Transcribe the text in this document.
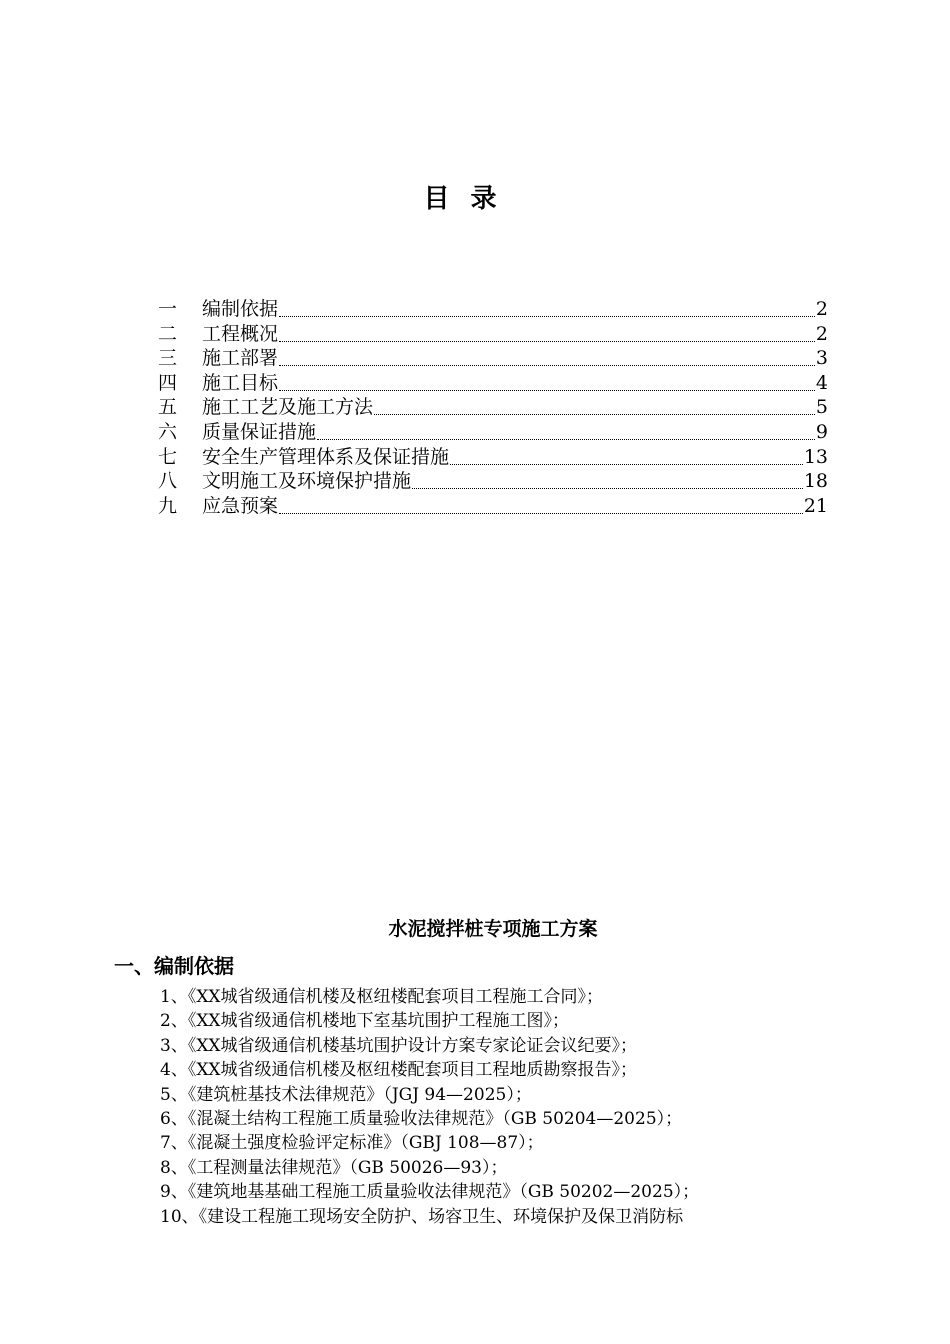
目 录
一	编制依据	2
二	工程概况	2
三	施工部署	3
四	施工目标	4
五	施工工艺及施工方法	5
六	质量保证措施	9
七	安全生产管理体系及保证措施	13
八	文明施工及环境保护措施	18
九	应急预案	21
水泥搅拌桩专项施工方案
一、编制依据
1、《XX城省级通信机楼及枢纽楼配套项目工程施工合同》；
2、《XX城省级通信机楼地下室基坑围护工程施工图》；
3、《XX城省级通信机楼基坑围护设计方案专家论证会议纪要》；
4、《XX城省级通信机楼及枢纽楼配套项目工程地质勘察报告》；
5、《建筑桩基技术法律规范》（JGJ 94—2025）；
6、《混凝土结构工程施工质量验收法律规范》（GB 50204—2025）；
7、《混凝土强度检验评定标准》（GBJ 108—87）；
8、《工程测量法律规范》（GB 50026—93）；
9、《建筑地基基础工程施工质量验收法律规范》（GB 50202—2025）；
10、《建设工程施工现场安全防护、场容卫生、环境保护及保卫消防标
